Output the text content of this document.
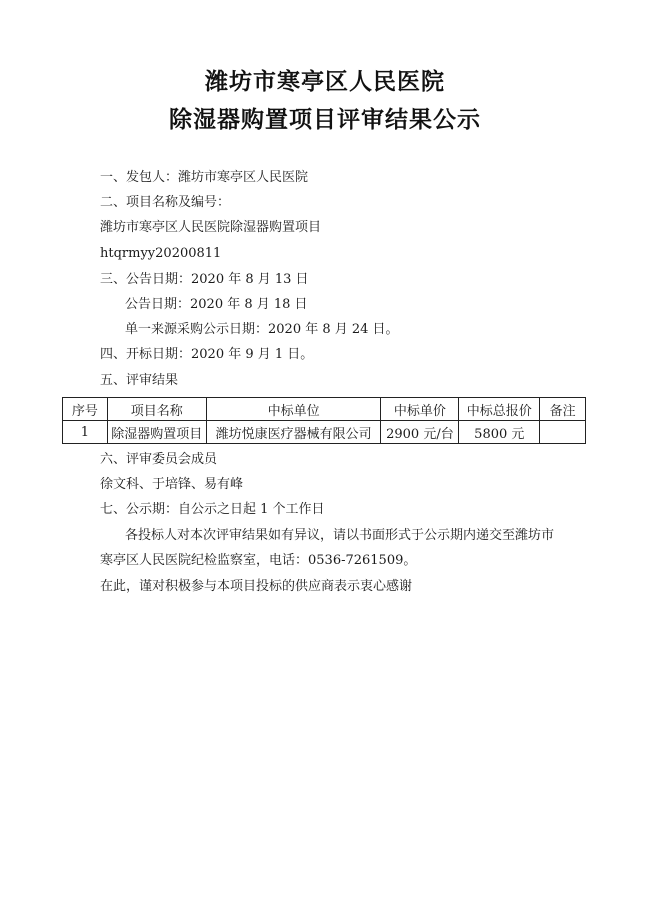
潍坊市寒亭区人民医院
除湿器购置项目评审结果公示
一、发包人：潍坊市寒亭区人民医院
二、项目名称及编号：
潍坊市寒亭区人民医院除湿器购置项目
htqrmyy20200811
三、公告日期：2020 年 8 月 13 日
公告日期：2020 年 8 月 18 日
单一来源采购公示日期：2020 年 8 月 24 日。
四、开标日期：2020 年 9 月 1 日。
五、评审结果
序号	项目名称	中标单位	中标单价	中标总报价	备注
1	除湿器购置项目	潍坊悦康医疗器械有限公司	2900 元/台	5800 元	
六、评审委员会成员
徐文科、于培锋、易有峰
七、公示期：自公示之日起 1 个工作日
各投标人对本次评审结果如有异议，请以书面形式于公示期内递交至潍坊市
寒亭区人民医院纪检监察室，电话：0536-7261509。
在此，谨对积极参与本项目投标的供应商表示衷心感谢
